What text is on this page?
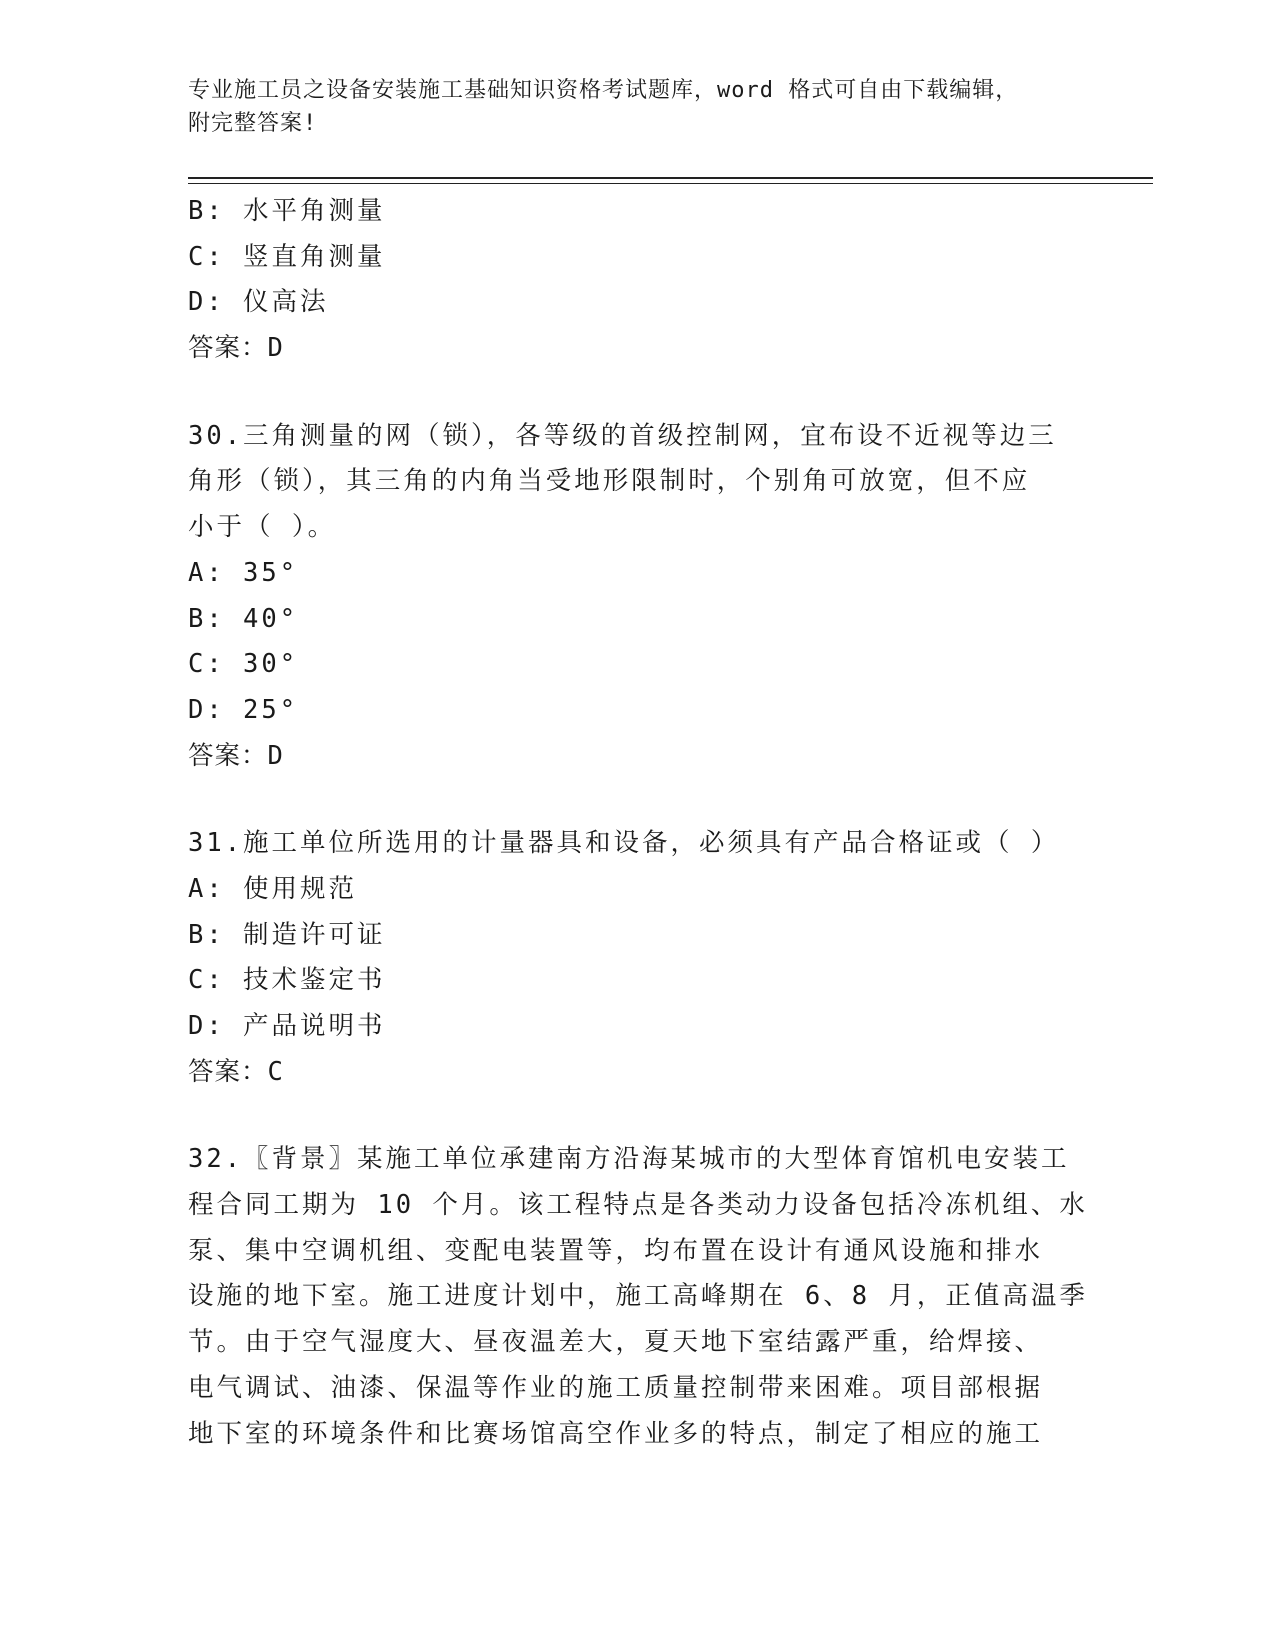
专业施工员之设备安装施工基础知识资格考试题库，word 格式可自由下载编辑，
附完整答案!
B: 水平角测量
C: 竖直角测量
D: 仪高法
答案：D
30.三角测量的网（锁），各等级的首级控制网，宜布设不近视等边三
角形（锁），其三角的内角当受地形限制时，个别角可放宽，但不应
小于（ ）。
A: 35°
B: 40°
C: 30°
D: 25°
答案：D
31.施工单位所选用的计量器具和设备，必须具有产品合格证或（ ）
A: 使用规范
B: 制造许可证
C: 技术鉴定书
D: 产品说明书
答案：C
32.〖背景〗某施工单位承建南方沿海某城市的大型体育馆机电安装工
程合同工期为 10 个月。该工程特点是各类动力设备包括冷冻机组、水
泵、集中空调机组、变配电装置等，均布置在设计有通风设施和排水
设施的地下室。施工进度计划中，施工高峰期在 6、8 月，正值高温季
节。由于空气湿度大、昼夜温差大，夏天地下室结露严重，给焊接、
电气调试、油漆、保温等作业的施工质量控制带来困难。项目部根据
地下室的环境条件和比赛场馆高空作业多的特点，制定了相应的施工
